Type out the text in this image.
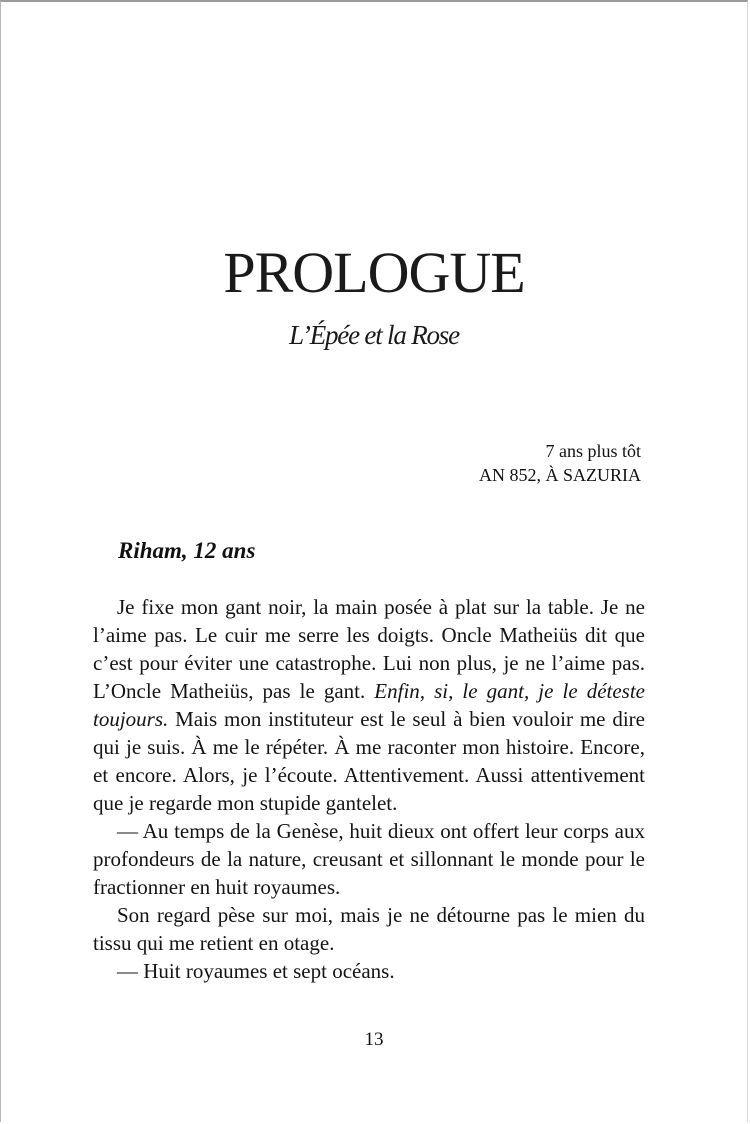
PROLOGUE
L’Épée et la Rose
7 ans plus tôt
AN 852, À SAZURIA
Riham, 12 ans

Je fixe mon gant noir, la main posée à plat sur la table. Je ne l’aime pas. Le cuir me serre les doigts. Oncle Matheiüs dit que c’est pour éviter une catastrophe. Lui non plus, je ne l’aime pas. L’Oncle Matheiüs, pas le gant. Enfin, si, le gant, je le déteste toujours. Mais mon instituteur est le seul à bien vouloir me dire qui je suis. À me le répéter. À me raconter mon histoire. Encore, et encore. Alors, je l’écoute. Attentivement. Aussi attentivement que je regarde mon stupide gantelet.

— Au temps de la Genèse, huit dieux ont offert leur corps aux profondeurs de la nature, creusant et sillonnant le monde pour le fractionner en huit royaumes.

Son regard pèse sur moi, mais je ne détourne pas le mien du tissu qui me retient en otage.

— Huit royaumes et sept océans.

13
